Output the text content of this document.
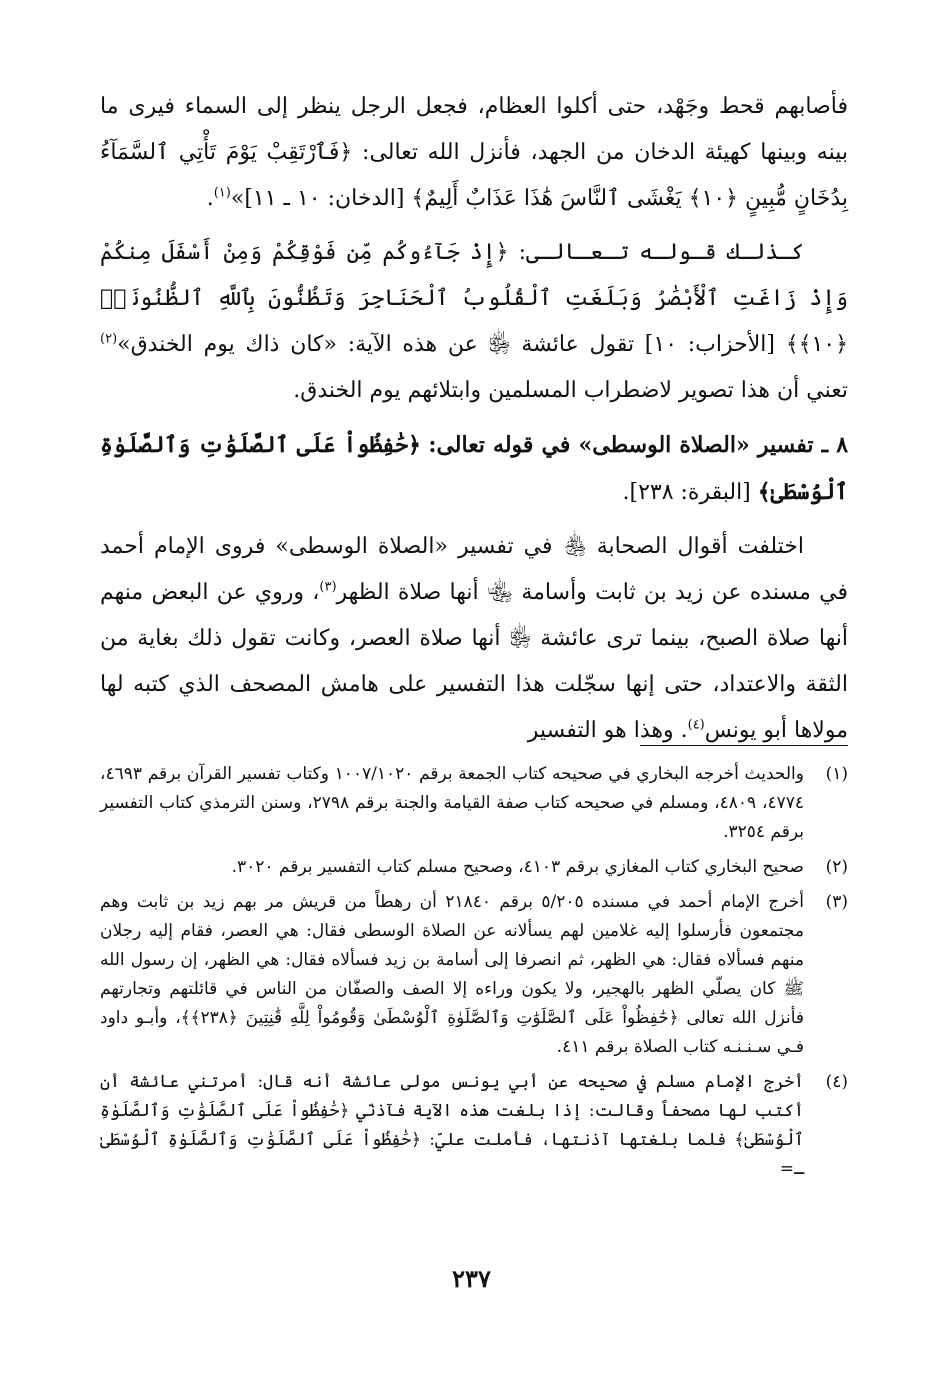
فأصابهم قحط وجَهْد، حتى أكلوا العظام، فجعل الرجل ينظر إلى السماء فيرى ما بينه وبينها كهيئة الدخان من الجهد، فأنزل الله تعالى: ﴿فَٱرْتَقِبْ يَوْمَ تَأْتِي ٱلسَّمَآءُ بِدُخَانٍ مُّبِينٍ ﴿١٠﴾ يَغْشَى ٱلنَّاسَ هَٰذَا عَذَابٌ أَلِيمٌ﴾ [الدخان: ١٠ ـ ١١]»$^{(١)}$.

كـذلـك قـولـه تـعـالـى: ﴿إِذْ جَآءُوكُم مِّن فَوْقِكُمْ وَمِنْ أَسْفَلَ مِنكُمْ وَإِذْ زَاغَتِ ٱلْأَبْصَٰرُ وَبَلَغَتِ ٱلْقُلُوبُ ٱلْحَنَاجِرَ وَتَظُنُّونَ بِٱللَّهِ ٱلظُّنُونَا۠ ﴿١٠﴾﴾ [الأحزاب: ١٠] تقول عائشة ﵂ عن هذه الآية: «كان ذاك يوم الخندق»$^{(٢)}$ تعني أن هذا تصوير لاضطراب المسلمين وابتلائهم يوم الخندق.

٨ ـ تفسير «الصلاة الوسطى» في قوله تعالى: ﴿حَٰفِظُواْ عَلَى ٱلصَّلَوَٰتِ وَٱلصَّلَوٰةِ ٱلْوُسْطَىٰ﴾ [البقرة: ٢٣٨].

اختلفت أقوال الصحابة ﵃ في تفسير «الصلاة الوسطى» فروى الإمام أحمد في مسنده عن زيد بن ثابت وأسامة ﵄ أنها صلاة الظهر$^{(٣)}$، وروي عن البعض منهم أنها صلاة الصبح، بينما ترى عائشة ﵂ أنها صلاة العصر، وكانت تقول ذلك بغاية من الثقة والاعتداد، حتى إنها سجّلت هذا التفسير على هامش المصحف الذي كتبه لها مولاها أبو يونس$^{(٤)}$. وهذا هو التفسير

(١)
والحديث أخرجه البخاري في صحيحه كتاب الجمعة برقم ١٠٠٧/١٠٢٠ وكتاب تفسير القرآن برقم ٤٦٩٣، ٤٧٧٤، ٤٨٠٩، ومسلم في صحيحه كتاب صفة القيامة والجنة برقم ٢٧٩٨، وسنن الترمذي كتاب التفسير برقم ٣٢٥٤.
(٢)
صحيح البخاري كتاب المغازي برقم ٤١٠٣، وصحيح مسلم كتاب التفسير برقم ٣٠٢٠.
(٣)
أخرج الإمام أحمد في مسنده ٥/٢٠٥ برقم ٢١٨٤٠ أن رهطاً من قريش مر بهم زيد بن ثابت وهم مجتمعون فأرسلوا إليه غلامين لهم يسألانه عن الصلاة الوسطى فقال: هي العصر، فقام إليه رجلان منهم فسألاه فقال: هي الظهر، ثم انصرفا إلى أسامة بن زيد فسألاه فقال: هي الظهر، إن رسول الله ﷺ كان يصلّي الظهر بالهجير، ولا يكون وراءه إلا الصف والصفّان من الناس في قائلتهم وتجارتهم فأنزل الله تعالى ﴿حَٰفِظُواْ عَلَى ٱلصَّلَوَٰتِ وَٱلصَّلَوٰةِ ٱلْوُسْطَىٰ وَقُومُواْ لِلَّهِ قَٰنِتِينَ ﴿٢٣٨﴾﴾، وأبـو داود فـي سـنـنـه كتاب الصلاة برقم ٤١١.
(٤)
أخرج الإمام مسلم في صحيحه عن أبي يونس مولى عائشة أنه قال: أمرتني عائشة أن أكتب لها مصحفاً وقالت: إذا بلغت هذه الآية فآذنّي ﴿حَٰفِظُواْ عَلَى ٱلصَّلَوَٰتِ وَٱلصَّلَوٰةِ ٱلْوُسْطَىٰ﴾ فلما بلغتها آذنتها، فأملت عليّ: ﴿حَٰفِظُواْ عَلَى ٱلصَّلَوَٰتِ وَٱلصَّلَوٰةِ ٱلْوُسْطَىٰ ـ=
٢٣٧
